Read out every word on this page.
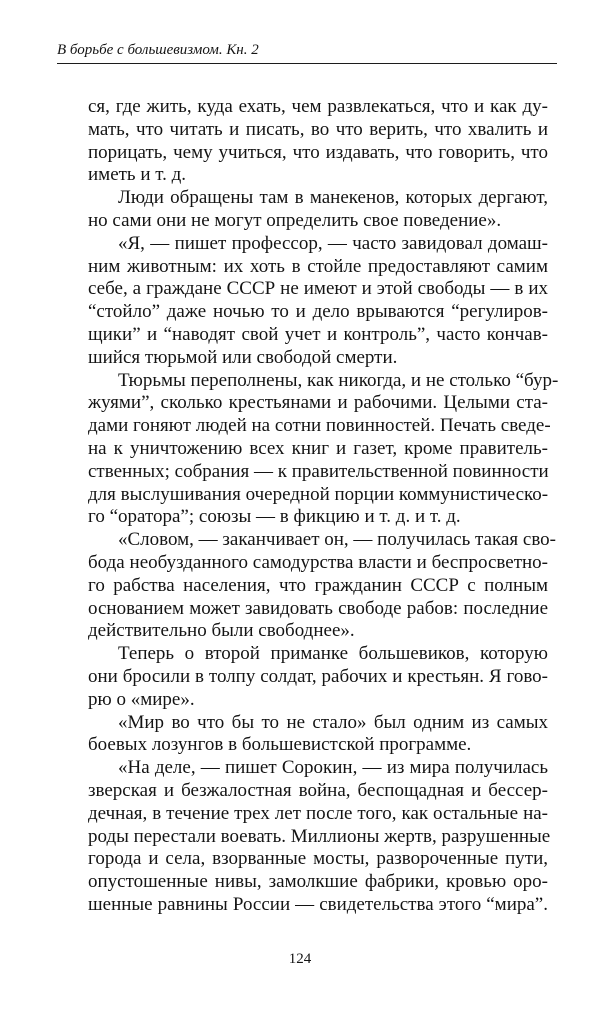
В борьбе с большевизмом. Кн. 2
ся, где жить, куда ехать, чем развлекаться, что и как ду-
мать, что читать и писать, во что верить, что хвалить и
порицать, чему учиться, что издавать, что говорить, что
иметь и т. д.
Люди обращены там в манекенов, которых дергают,
но сами они не могут определить свое поведение».
«Я, — пишет профессор, — часто завидовал домаш-
ним животным: их хоть в стойле предоставляют самим
себе, а граждане СССР не имеют и этой свободы — в их
“стойло” даже ночью то и дело врываются “регулиров-
щики” и “наводят свой учет и контроль”, часто кончав-
шийся тюрьмой или свободой смерти.
Тюрьмы переполнены, как никогда, и не столько “бур-
жуями”, сколько крестьянами и рабочими. Целыми ста-
дами гоняют людей на сотни повинностей. Печать сведе-
на к уничтожению всех книг и газет, кроме правитель-
ственных; собрания — к правительственной повинности
для выслушивания очередной порции коммунистическо-
го “оратора”; союзы — в фикцию и т. д. и т. д.
«Словом, — заканчивает он, — получилась такая сво-
бода необузданного самодурства власти и беспросветно-
го рабства населения, что гражданин СССР с полным
основанием может завидовать свободе рабов: последние
действительно были свободнее».
Теперь о второй приманке большевиков, которую
они бросили в толпу солдат, рабочих и крестьян. Я гово-
рю о «мире».
«Мир во что бы то не стало» был одним из самых
боевых лозунгов в большевистской программе.
«На деле, — пишет Сорокин, — из мира получилась
зверская и безжалостная война, беспощадная и бессер-
дечная, в течение трех лет после того, как остальные на-
роды перестали воевать. Миллионы жертв, разрушенные
города и села, взорванные мосты, развороченные пути,
опустошенные нивы, замолкшие фабрики, кровью оро-
шенные равнины России — свидетельства этого “мира”.
124
